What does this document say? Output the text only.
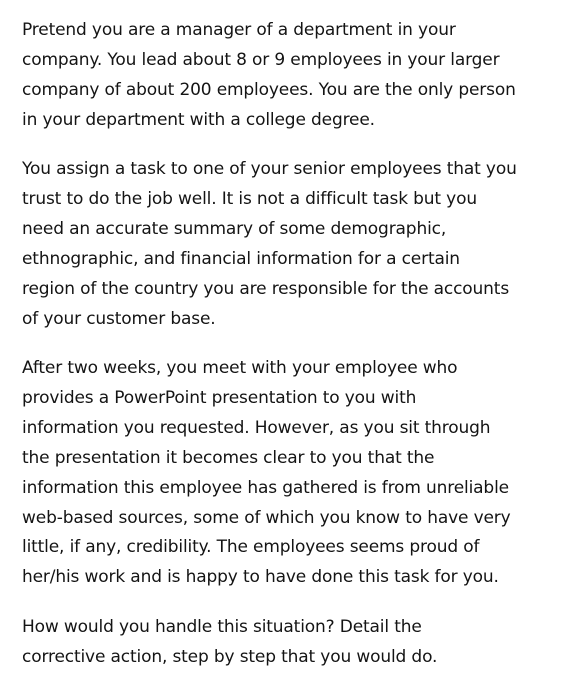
Pretend you are a manager of a department in your
company. You lead about 8 or 9 employees in your larger
company of about 200 employees. You are the only person
in your department with a college degree.

You assign a task to one of your senior employees that you
trust to do the job well. It is not a difficult task but you
need an accurate summary of some demographic,
ethnographic, and financial information for a certain
region of the country you are responsible for the accounts
of your customer base.

After two weeks, you meet with your employee who
provides a PowerPoint presentation to you with
information you requested. However, as you sit through
the presentation it becomes clear to you that the
information this employee has gathered is from unreliable
web-based sources, some of which you know to have very
little, if any, credibility. The employees seems proud of
her/his work and is happy to have done this task for you.

How would you handle this situation? Detail the
corrective action, step by step that you would do.
